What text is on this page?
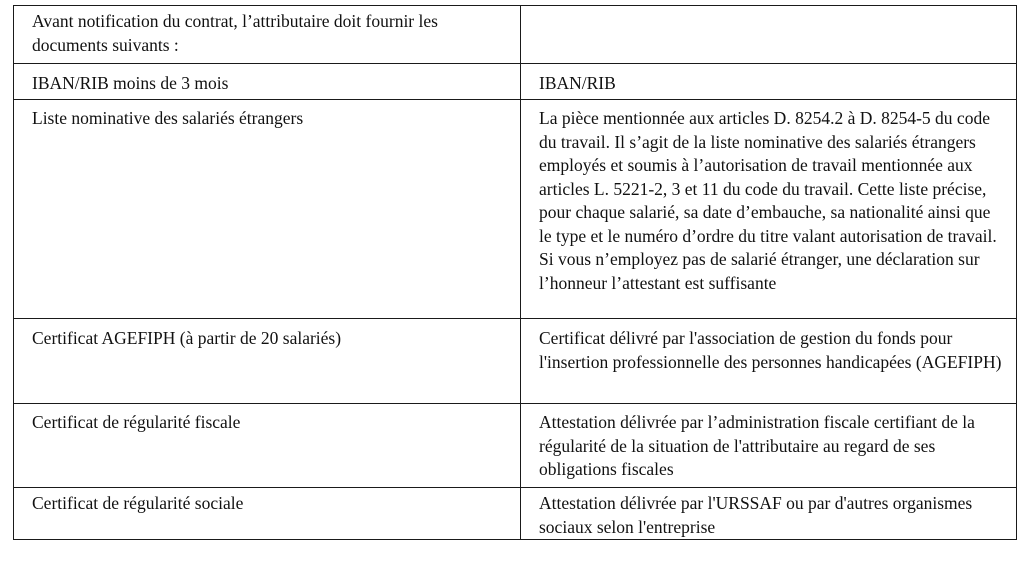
Avant notification du contrat, l’attributaire doit fournir les documents suivants :	
IBAN/RIB moins de 3 mois	IBAN/RIB
Liste nominative des salariés étrangers	La pièce mentionnée aux articles D. 8254.2 à D. 8254-5 du code du travail. Il s’agit de la liste nominative des salariés étrangers employés et soumis à l’autorisation de travail mentionnée aux articles L. 5221-2, 3 et 11 du code du travail. Cette liste précise, pour chaque salarié, sa date d’embauche, sa nationalité ainsi que le type et le numéro d’ordre du titre valant autorisation de travail. Si vous n’employez pas de salarié étranger, une déclaration sur l’honneur l’attestant est suffisante
Certificat AGEFIPH (à partir de 20 salariés)	Certificat délivré par l'association de gestion du fonds pour l'insertion professionnelle des personnes handicapées (AGEFIPH)
Certificat de régularité fiscale	Attestation délivrée par l’administration fiscale certifiant de la régularité de la situation de l'attributaire au regard de ses obligations fiscales
Certificat de régularité sociale	Attestation délivrée par l'URSSAF ou par d'autres organismes sociaux selon l'entreprise
